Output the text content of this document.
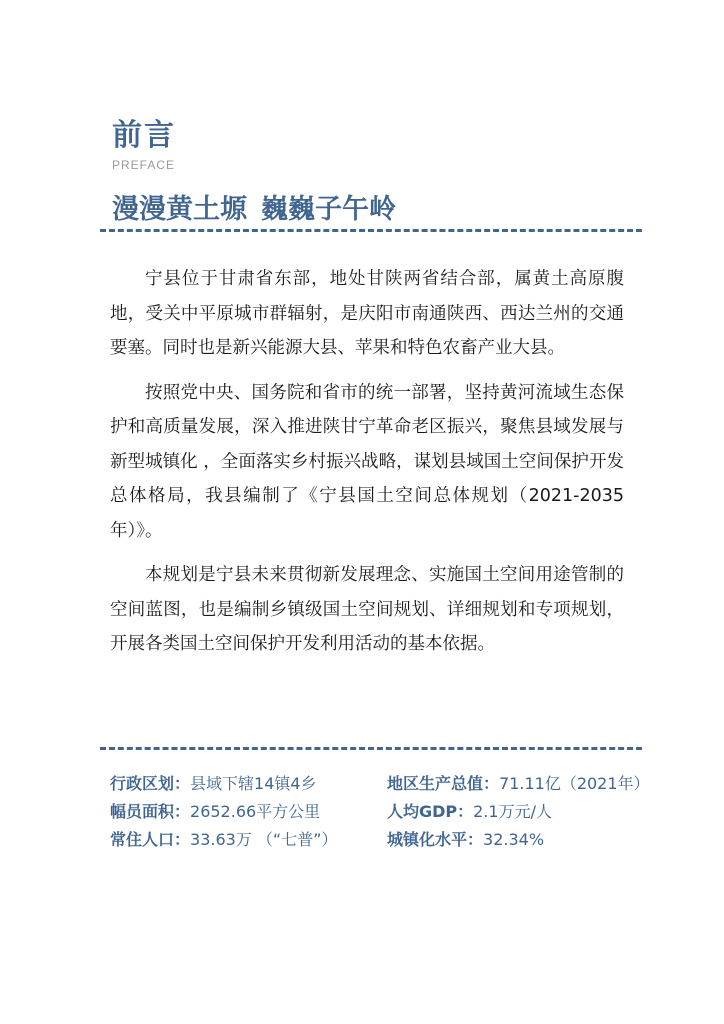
前言
PREFACE
漫漫黄土塬 巍巍子午岭

宁县位于甘肃省东部，地处甘陕两省结合部，属黄土高原腹地，受关中平原城市群辐射，是庆阳市南通陕西、西达兰州的交通要塞。同时也是新兴能源大县、苹果和特色农畜产业大县。

按照党中央、国务院和省市的统一部署，坚持黄河流域生态保护和高质量发展，深入推进陕甘宁革命老区振兴，聚焦县域发展与新型城镇化 ，全面落实乡村振兴战略，谋划县域国土空间保护开发总体格局，我县编制了《宁县国土空间总体规划（2021-2035年）》。

本规划是宁县未来贯彻新发展理念、实施国土空间用途管制的空间蓝图，也是编制乡镇级国土空间规划、详细规划和专项规划，开展各类国土空间保护开发利用活动的基本依据。

行政区划：县域下辖14镇4乡	地区生产总值：71.11亿（2021年）
幅员面积：2652.66平方公里	人均GDP：2.1万元/人
常住人口：33.63万 （“七普”）	城镇化水平：32.34%
